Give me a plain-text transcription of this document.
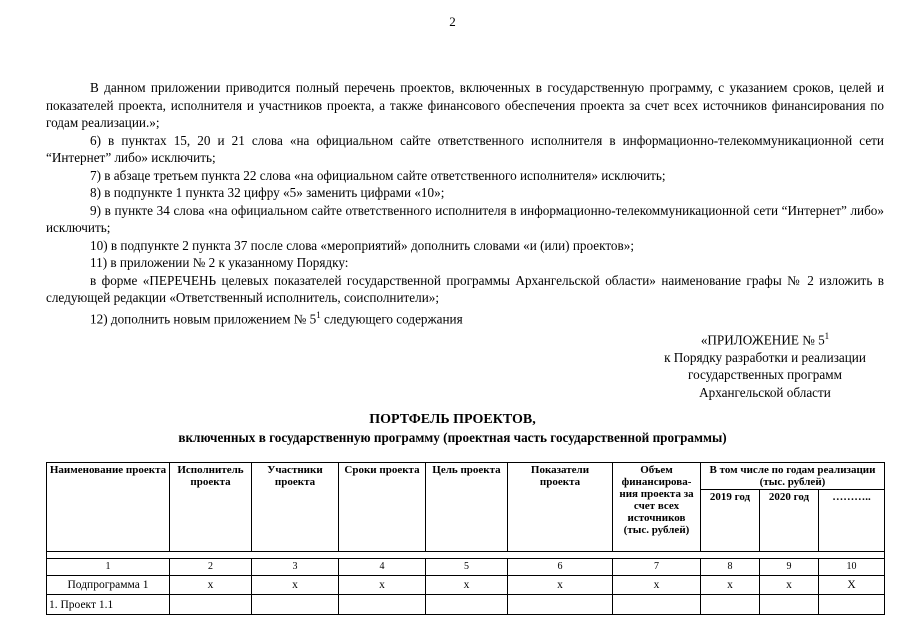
2

В данном приложении приводится полный перечень проектов, включенных в государственную программу, с указанием сроков, целей и показателей проекта, исполнителя и участников проекта, а также финансового обеспечения проекта за счет всех источников финансирования по годам реализации.»;

6) в пунктах 15, 20 и 21 слова «на официальном сайте ответственного исполнителя в информационно-телекоммуникационной сети “Интернет” либо» исключить;

7) в абзаце третьем пункта 22 слова «на официальном сайте ответственного исполнителя» исключить;

8) в подпункте 1 пункта 32 цифру «5» заменить цифрами «10»;

9) в пункте 34 слова «на официальном сайте ответственного исполнителя в информационно-телекоммуникационной сети “Интернет” либо» исключить;

10) в подпункте 2 пункта 37 после слова «мероприятий» дополнить словами «и (или) проектов»;

11) в приложении № 2 к указанному Порядку:

в форме «ПЕРЕЧЕНЬ целевых показателей государственной программы Архангельской области» наименование графы № 2 изложить в следующей редакции «Ответственный исполнитель, соисполнители»;

12) дополнить новым приложением № $5^1$ следующего содержания

«ПРИЛОЖЕНИЕ № $5^1$
к Порядку разработки и реализации
государственных программ
Архангельской области
ПОРТФЕЛЬ ПРОЕКТОВ,
включенных в государственную программу (проектная часть государственной программы)
Наименование проекта	Исполнитель проекта	Участники проекта	Сроки проекта	Цель проекта	Показатели проекта	Объем финансирова-ния проекта за счет всех источников (тыс. рублей)	В том числе по годам реализации (тыс. рублей)		
							2019 год	2020 год	………..

1	2	3	4	5	6	7	8	9	10
Подпрограмма 1	х	х	х	х	х	х	х	х	Х
1. Проект 1.1									
